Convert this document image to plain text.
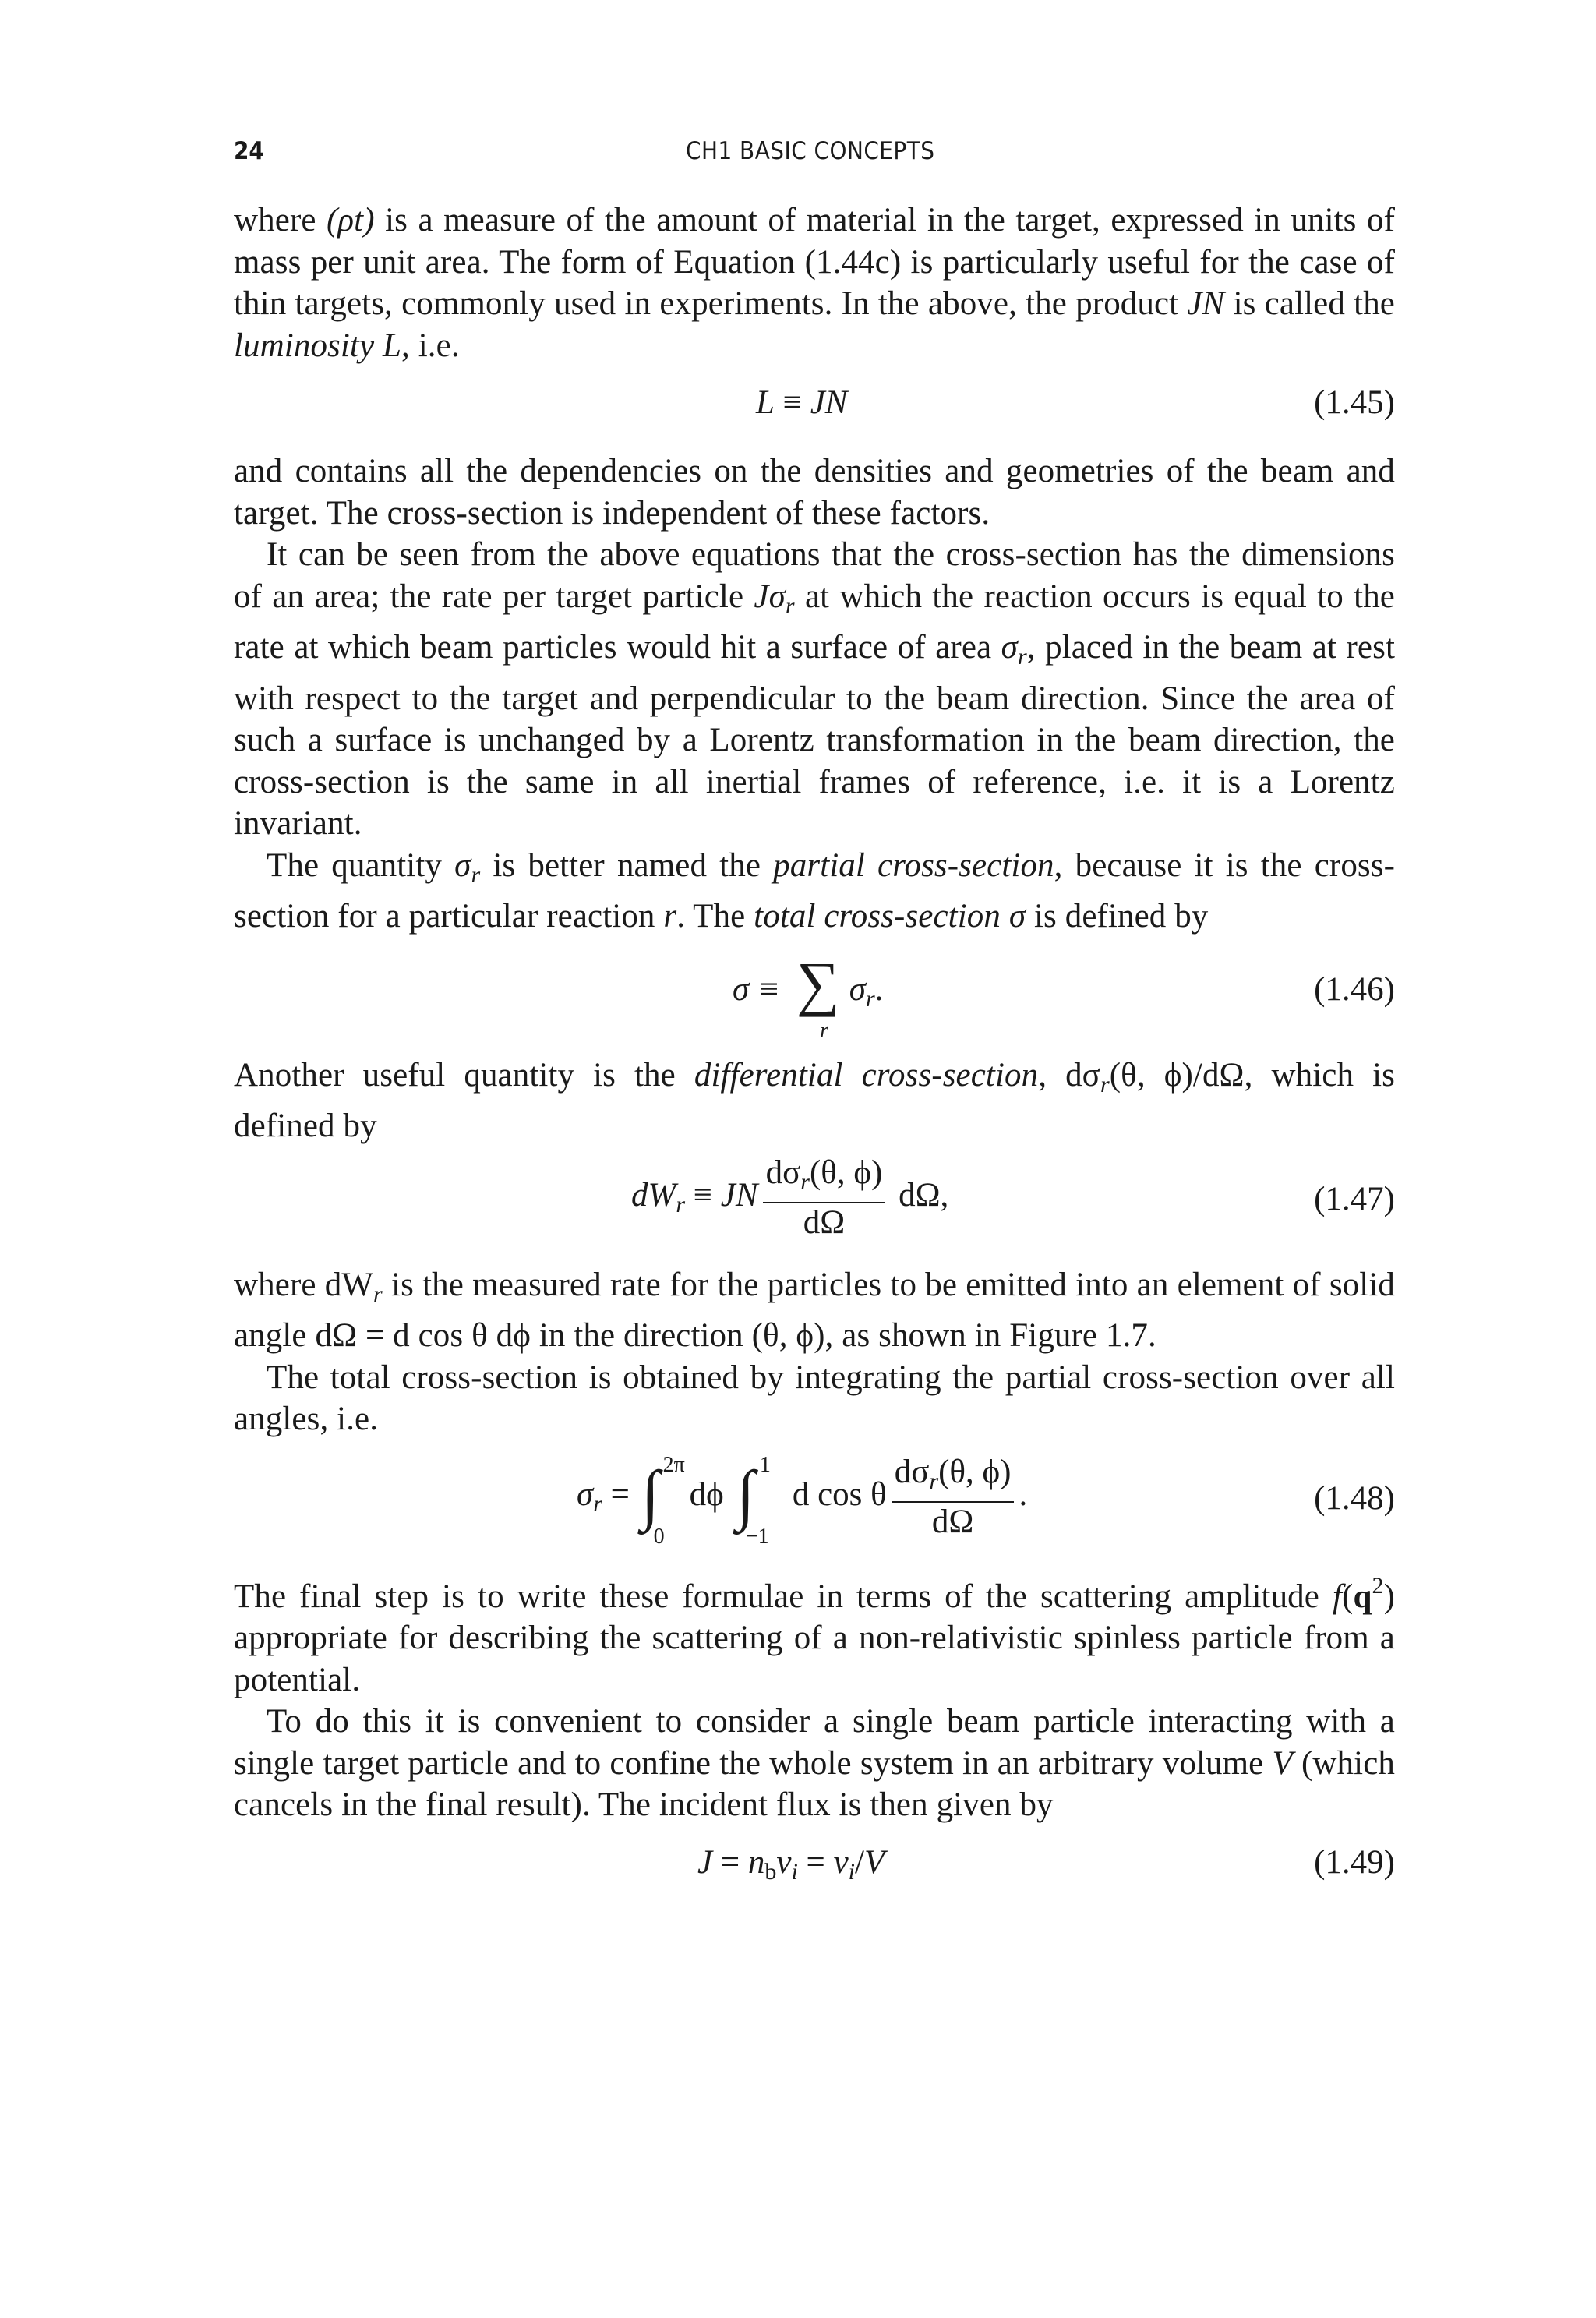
24	CH1 BASIC CONCEPTS

where (ρt) is a measure of the amount of material in the target, expressed in units of mass per unit area. The form of Equation (1.44c) is particularly useful for the case of thin targets, commonly used in experiments. In the above, the product JN is called the luminosity L, i.e.

L ≡ JN	(1.45)

and contains all the dependencies on the densities and geometries of the beam and target. The cross-section is independent of these factors.

It can be seen from the above equations that the cross-section has the dimensions of an area; the rate per target particle $J\sigma_r$ at which the reaction occurs is equal to the rate at which beam particles would hit a surface of area $\sigma_r$, placed in the beam at rest with respect to the target and perpendicular to the beam direction. Since the area of such a surface is unchanged by a Lorentz transformation in the beam direction, the cross-section is the same in all inertial frames of reference, i.e. it is a Lorentz invariant.

The quantity $\sigma_r$ is better named the partial cross-section, because it is the cross-section for a particular reaction r. The total cross-section σ is defined by

$\sigma \equiv \sigma_r$.
∑
r
(1.46)

Another useful quantity is the differential cross-section, $d\sigma_r(\theta$, ϕ)/dΩ, which is defined by

$dW_r$ ≡ JN $\frac{d\sigma_r(\theta, \phi)}{d\Omega} d\Omega$,	(1.47)

where $dW_r$ is the measured rate for the particles to be emitted into an element of solid angle dΩ = d cos θ dϕ in the direction (θ, ϕ), as shown in Figure 1.7.

The total cross-section is obtained by integrating the partial cross-section over all angles, i.e.

$\sigma_r$ = ∫ 2π
0
dϕ ∫ 1
−1
d cos θ $\frac{d\sigma_r(\theta, \phi)}{d\Omega}$ .	(1.48)

The final step is to write these formulae in terms of the scattering amplitude $f(q^2)$ appropriate for describing the scattering of a non-relativistic spinless particle from a potential.

To do this it is convenient to consider a single beam particle interacting with a single target particle and to confine the whole system in an arbitrary volume V (which cancels in the final result). The incident flux is then given by

$J = n_bv_i = v_i/V$	(1.49)
